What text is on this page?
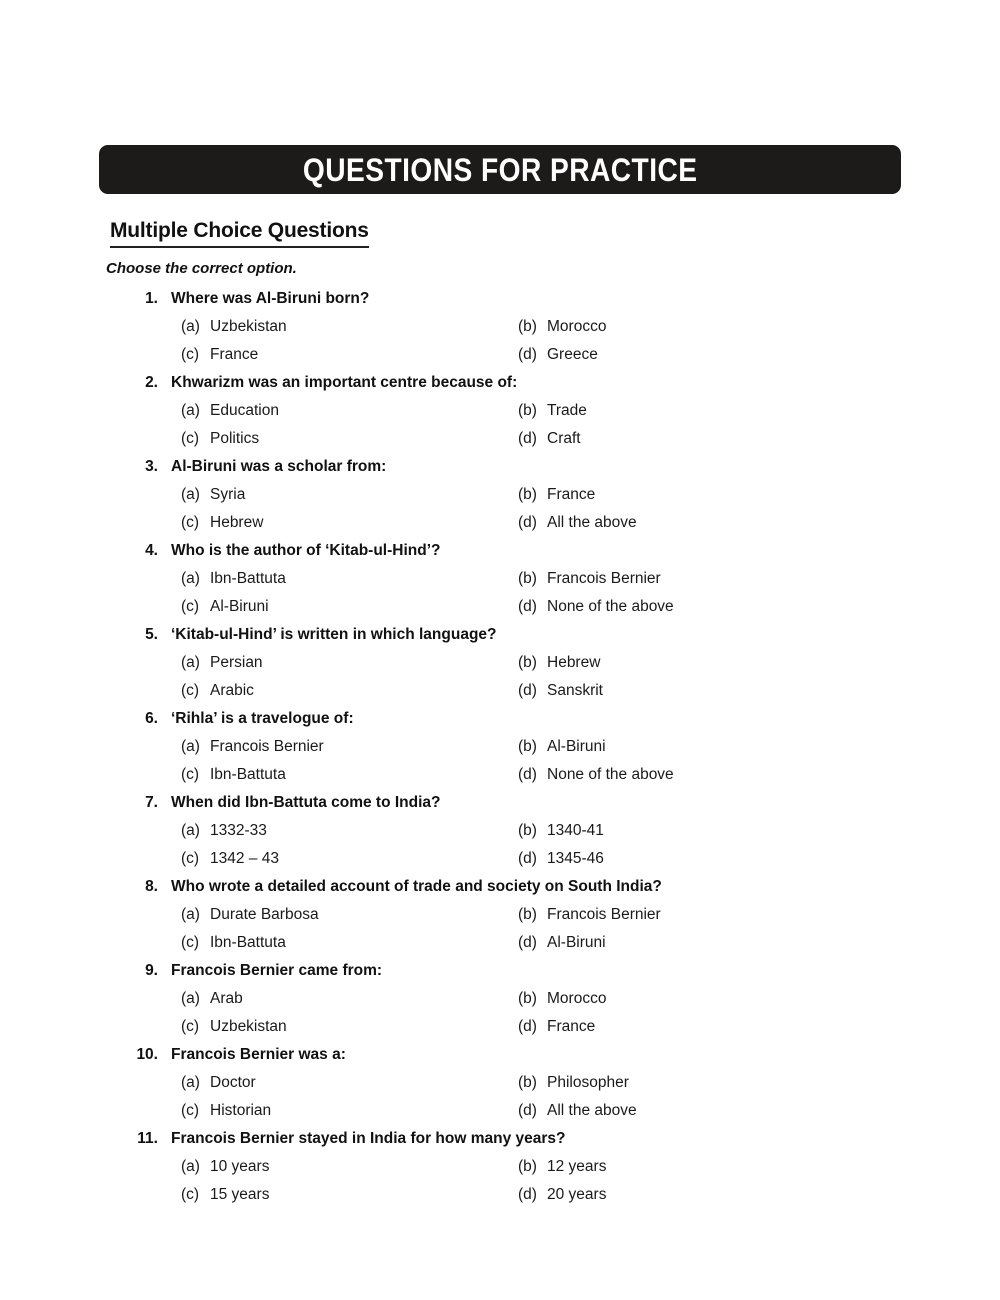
QUESTIONS FOR PRACTICE
Multiple Choice Questions
Choose the correct option.
1. Where was Al-Biruni born?
(a) Uzbekistan	(b) Morocco
(c) France	(d) Greece
2. Khwarizm was an important centre because of:
(a) Education	(b) Trade
(c) Politics	(d) Craft
3. Al-Biruni was a scholar from:
(a) Syria	(b) France
(c) Hebrew	(d) All the above
4. Who is the author of ‘Kitab-ul-Hind’?
(a) Ibn-Battuta	(b) Francois Bernier
(c) Al-Biruni	(d) None of the above
5. ‘Kitab-ul-Hind’ is written in which language?
(a) Persian	(b) Hebrew
(c) Arabic	(d) Sanskrit
6. ‘Rihla’ is a travelogue of:
(a) Francois Bernier	(b) Al-Biruni
(c) Ibn-Battuta	(d) None of the above
7. When did Ibn-Battuta come to India?
(a) 1332-33	(b) 1340-41
(c) 1342 – 43	(d) 1345-46
8. Who wrote a detailed account of trade and society on South India?
(a) Durate Barbosa	(b) Francois Bernier
(c) Ibn-Battuta	(d) Al-Biruni
9. Francois Bernier came from:
(a) Arab	(b) Morocco
(c) Uzbekistan	(d) France
10. Francois Bernier was a:
(a) Doctor	(b) Philosopher
(c) Historian	(d) All the above
11. Francois Bernier stayed in India for how many years?
(a) 10 years	(b) 12 years
(c) 15 years	(d) 20 years
